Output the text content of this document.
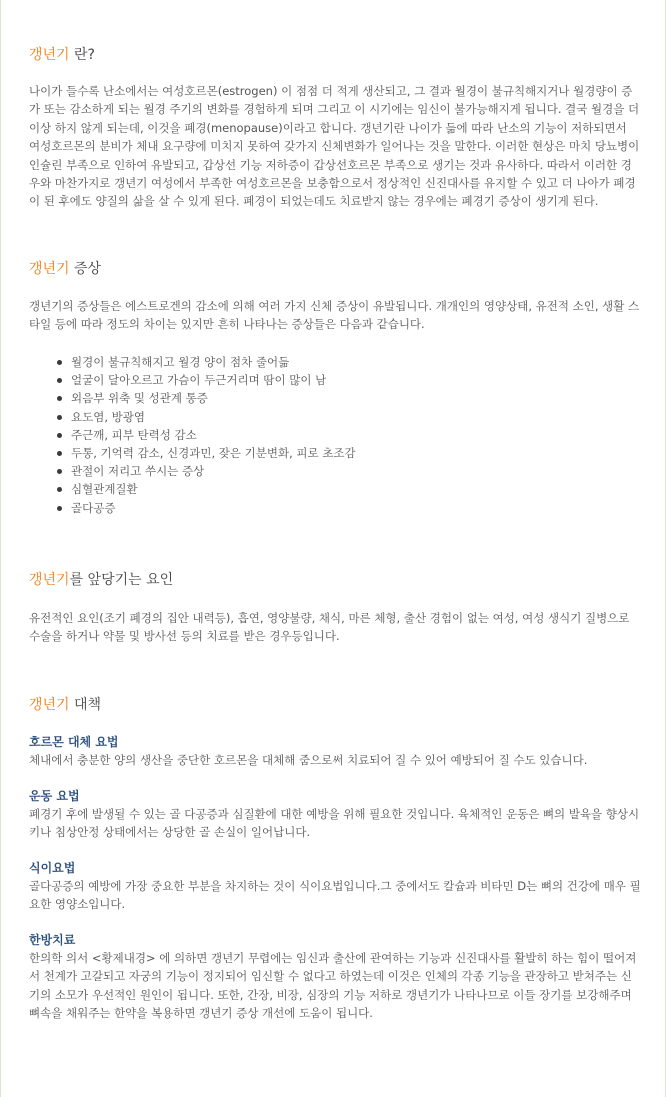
갱년기 란?

나이가 들수록 난소에서는 여성호르몬(estrogen) 이 점점 더 적게 생산되고, 그 결과 월경이 불규칙해지거나 월경량이 증가 또는 감소하게 되는 월경 주기의 변화를 경험하게 되며 그리고 이 시기에는 임신이 불가능해지게 됩니다. 결국 월경을 더 이상 하지 않게 되는데, 이것을 폐경(menopause)이라고 합니다. 갱년기란 나이가 듦에 따라 난소의 기능이 저하되면서 여성호르몬의 분비가 체내 요구량에 미치지 못하여 갖가지 신체변화가 일어나는 것을 말한다. 이러한 현상은 마치 당뇨병이 인슐린 부족으로 인하여 유발되고, 갑상선 기능 저하증이 갑상선호르몬 부족으로 생기는 것과 유사하다. 따라서 이러한 경우와 마찬가지로 갱년기 여성에서 부족한 여성호르몬을 보충함으로서 정상적인 신진대사를 유지할 수 있고 더 나아가 폐경이 된 후에도 양질의 삶을 살 수 있게 된다. 폐경이 되었는데도 치료받지 않는 경우에는 폐경기 증상이 생기게 된다.

갱년기 증상

갱년기의 증상들은 에스트로겐의 감소에 의해 여러 가지 신체 증상이 유발됩니다. 개개인의 영양상태, 유전적 소인, 생활 스타일 등에 따라 정도의 차이는 있지만 흔히 나타나는 증상들은 다음과 같습니다.

월경이 불규칙해지고 월경 양이 점차 줄어듦
얼굴이 달아오르고 가슴이 두근거리며 땀이 많이 남
외음부 위축 및 성관계 통증
요도염, 방광염
주근깨, 피부 탄력성 감소
두통, 기억력 감소, 신경과민, 잦은 기분변화, 피로 초조감
관절이 저리고 쑤시는 증상
심혈관계질환
골다공증
갱년기를 앞당기는 요인

유전적인 요인(조기 폐경의 집안 내력등), 흡연, 영양불량, 채식, 마른 체형, 출산 경험이 없는 여성, 여성 생식기 질병으로 수술을 하거나 약물 및 방사선 등의 치료를 받은 경우등입니다.

갱년기 대책
호르몬 대체 요법

체내에서 충분한 양의 생산을 중단한 호르몬을 대체해 줌으로써 치료되어 질 수 있어 예방되어 질 수도 있습니다.

운동 요법

폐경기 후에 발생될 수 있는 골 다공증과 심질환에 대한 예방을 위해 필요한 것입니다. 육체적인 운동은 뼈의 발육을 향상시키나 침상안정 상태에서는 상당한 골 손실이 일어납니다.

식이요법

골다공증의 예방에 가장 중요한 부분을 차지하는 것이 식이요법입니다.그 중에서도 칼슘과 비타민 D는 뼈의 건강에 매우 필요한 영양소입니다.

한방치료

한의학 의서 <황제내경> 에 의하면 갱년기 무렵에는 임신과 출산에 관여하는 기능과 신진대사를 활발히 하는 힘이 떨어져서 천계가 고갈되고 자궁의 기능이 정지되어 임신할 수 없다고 하였는데 이것은 인체의 각종 기능을 관장하고 받쳐주는 신기의 소모가 우선적인 원인이 됩니다. 또한, 간장, 비장, 심장의 기능 저하로 갱년기가 나타나므로 이들 장기를 보강해주며 뼈속을 채워주는 한약을 복용하면 갱년기 증상 개선에 도움이 됩니다.
